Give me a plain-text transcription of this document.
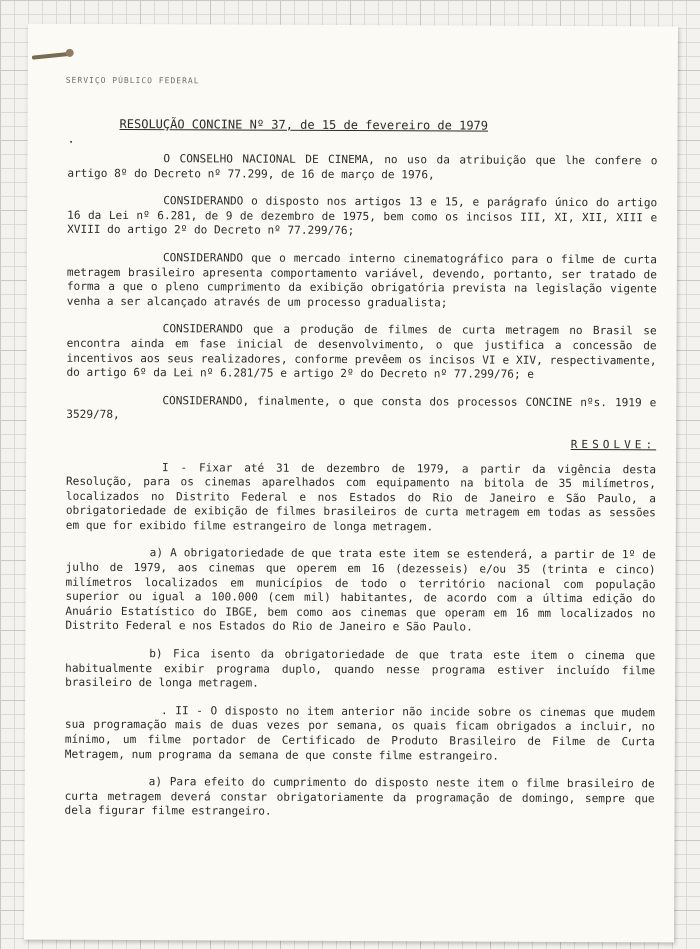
SERVIÇO PÚBLICO FEDERAL
RESOLUÇÃO CONCINE Nº 37, de 15 de fevereiro de 1979
.

O CONSELHO NACIONAL DE CINEMA, no uso da atribuição que lhe confere o artigo 8º do Decreto nº 77.299, de 16 de março de 1976,

CONSIDERANDO o disposto nos artigos 13 e 15, e parágrafo único do artigo 16 da Lei nº 6.281, de 9 de dezembro de 1975, bem como os incisos III, XI, XII, XIII e XVIII do artigo 2º do Decreto nº 77.299/76;

CONSIDERANDO que o mercado interno cinematográfico para o filme de curta metragem brasileiro apresenta comportamento variável, devendo, portanto, ser tratado de forma a que o pleno cumprimento da exibição obrigatória prevista na legislação vigente venha a ser alcançado através de um processo gradualista;

CONSIDERANDO que a produção de filmes de curta metragem no Brasil se encontra ainda em fase inicial de desenvolvimento, o que justifica a concessão de incentivos aos seus realizadores, conforme prevêem os incisos VI e XIV, respectivamente, do artigo 6º da Lei nº 6.281/75 e artigo 2º do Decreto nº 77.299/76; e

CONSIDERANDO, finalmente, o que consta dos processos CONCINE nºs. 1919 e 3529/78,

RESOLVE:

I - Fixar até 31 de dezembro de 1979, a partir da vigência desta Resolução, para os cinemas aparelhados com equipamento na bitola de 35 milímetros, localizados no Distrito Federal e nos Estados do Rio de Janeiro e São Paulo, a obrigatoriedade de exibição de filmes brasileiros de curta metragem em todas as sessões em que for exibido filme estrangeiro de longa metragem.

a) A obrigatoriedade de que trata este item se estenderá, a partir de 1º de julho de 1979, aos cinemas que operem em 16 (dezesseis) e/ou 35 (trinta e cinco) milímetros localizados em municípios de todo o território nacional com população superior ou igual a 100.000 (cem mil) habitantes, de acordo com a última edição do Anuário Estatístico do IBGE, bem como aos cinemas que operam em 16 mm localizados no Distrito Federal e nos Estados do Rio de Janeiro e São Paulo.

b) Fica isento da obrigatoriedade de que trata este item o cinema que habitualmente exibir programa duplo, quando nesse programa estiver incluído filme brasileiro de longa metragem.

. II - O disposto no item anterior não incide sobre os cinemas que mudem sua programação mais de duas vezes por semana, os quais ficam obrigados a incluir, no mínimo, um filme portador de Certificado de Produto Brasileiro de Filme de Curta Metragem, num programa da semana de que conste filme estrangeiro.

a) Para efeito do cumprimento do disposto neste item o filme brasileiro de curta metragem deverá constar obrigatoriamente da programação de domingo, sempre que dela figurar filme estrangeiro.
